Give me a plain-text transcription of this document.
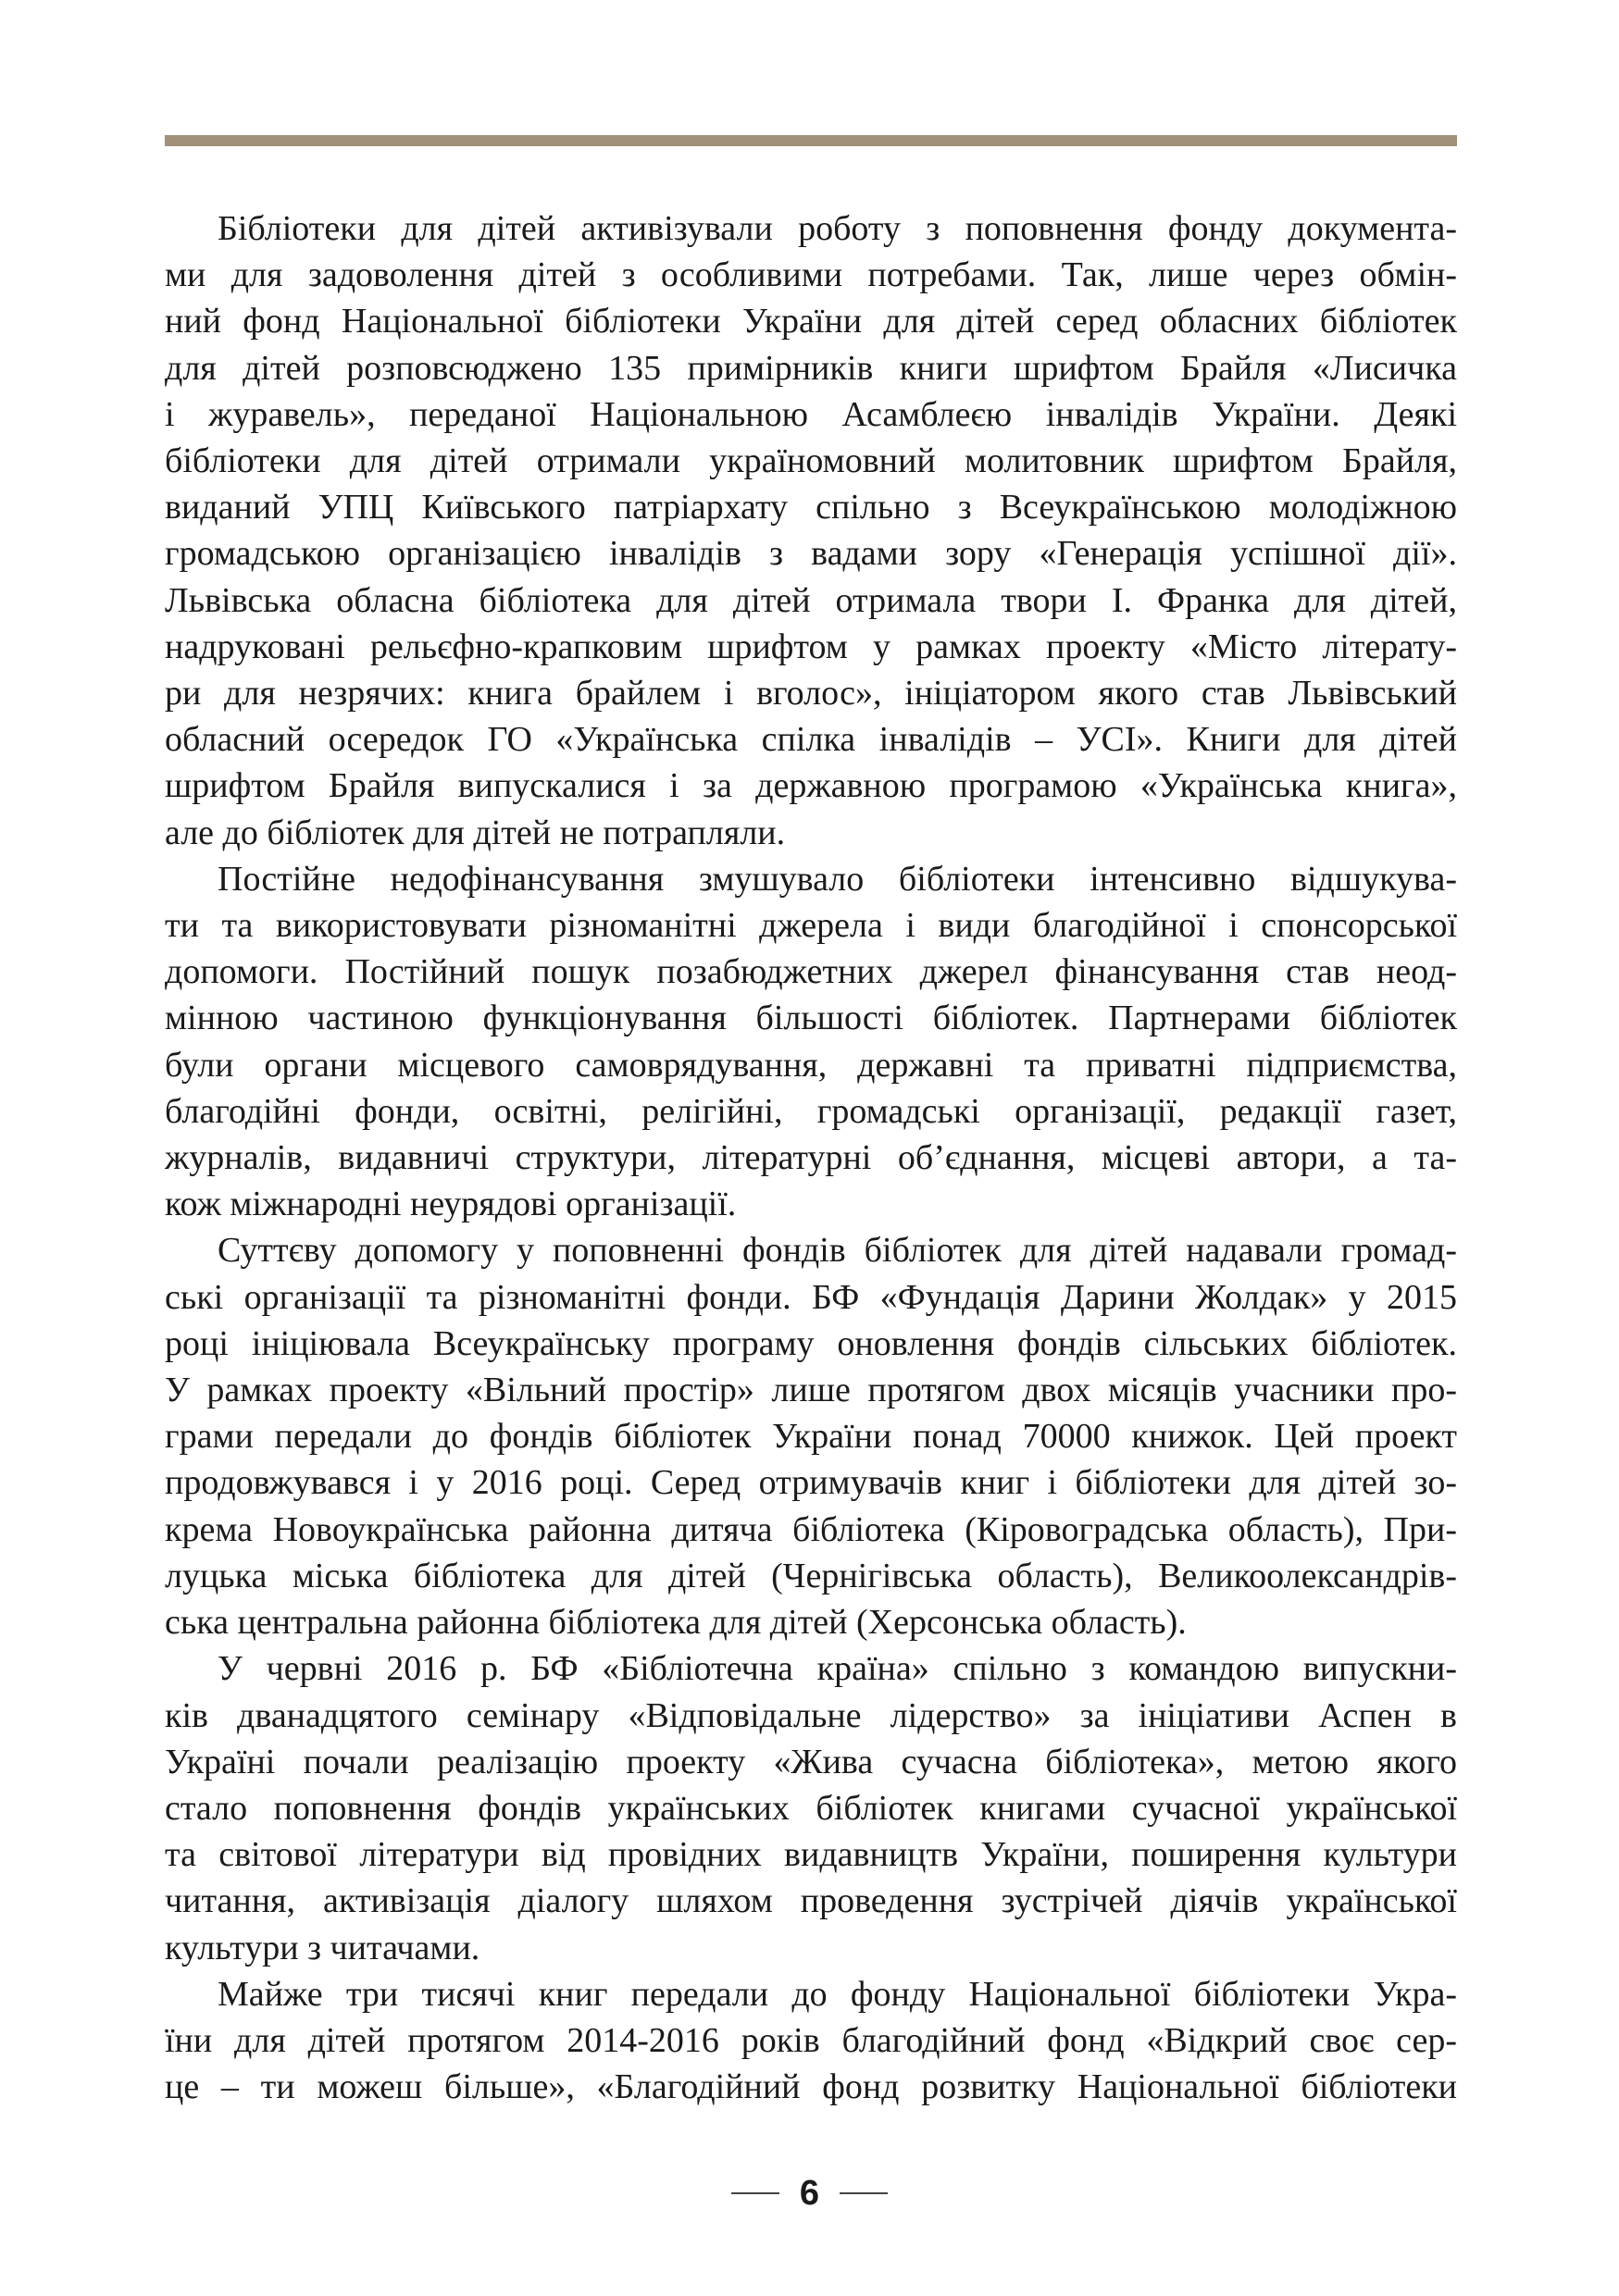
Бібліотеки для дітей активізували роботу з поповнення фонду документа-
ми для задоволення дітей з особливими потребами. Так, лише через обмін-
ний фонд Національної бібліотеки України для дітей серед обласних бібліотек
для дітей розповсюджено 135 примірників книги шрифтом Брайля «Лисичка
і журавель», переданої Національною Асамблеєю інвалідів України. Деякі
бібліотеки для дітей отримали україномовний молитовник шрифтом Брайля,
виданий УПЦ Київського патріархату спільно з Всеукраїнською молодіжною
громадською організацією інвалідів з вадами зору «Генерація успішної дії».
Львівська обласна бібліотека для дітей отримала твори І. Франка для дітей,
надруковані рельєфно-крапковим шрифтом у рамках проекту «Місто літерату-
ри для незрячих: книга брайлем і вголос», ініціатором якого став Львівський
обласний осередок ГО «Українська спілка інвалідів – УСІ». Книги для дітей
шрифтом Брайля випускалися і за державною програмою «Українська книга»,
але до бібліотек для дітей не потрапляли.
Постійне недофінансування змушувало бібліотеки інтенсивно відшукува-
ти та використовувати різноманітні джерела і види благодійної і спонсорської
допомоги. Постійний пошук позабюджетних джерел фінансування став неод-
мінною частиною функціонування більшості бібліотек. Партнерами бібліотек
були органи місцевого самоврядування, державні та приватні підприємства,
благодійні фонди, освітні, релігійні, громадські організації, редакції газет,
журналів, видавничі структури, літературні об’єднання, місцеві автори, а та-
кож міжнародні неурядові організації.
Суттєву допомогу у поповненні фондів бібліотек для дітей надавали громад-
ські організації та різноманітні фонди. БФ «Фундація Дарини Жолдак» у 2015
році ініціювала Всеукраїнську програму оновлення фондів сільських бібліотек.
У рамках проекту «Вільний простір» лише протягом двох місяців учасники про-
грами передали до фондів бібліотек України понад 70000 книжок. Цей проект
продовжувався і у 2016 році. Серед отримувачів книг і бібліотеки для дітей зо-
крема Новоукраїнська районна дитяча бібліотека (Кіровоградська область), При-
луцька міська бібліотека для дітей (Чернігівська область), Великоолександрів-
ська центральна районна бібліотека для дітей (Херсонська область).
У червні 2016 р. БФ «Бібліотечна країна» спільно з командою випускни-
ків дванадцятого семінару «Відповідальне лідерство» за ініціативи Аспен в
Україні почали реалізацію проекту «Жива сучасна бібліотека», метою якого
стало поповнення фондів українських бібліотек книгами сучасної української
та світової літератури від провідних видавництв України, поширення культури
читання, активізація діалогу шляхом проведення зустрічей діячів української
культури з читачами.
Майже три тисячі книг передали до фонду Національної бібліотеки Укра-
їни для дітей протягом 2014-2016 років благодійний фонд «Відкрий своє сер-
це – ти можеш більше», «Благодійний фонд розвитку Національної бібліотеки
6
